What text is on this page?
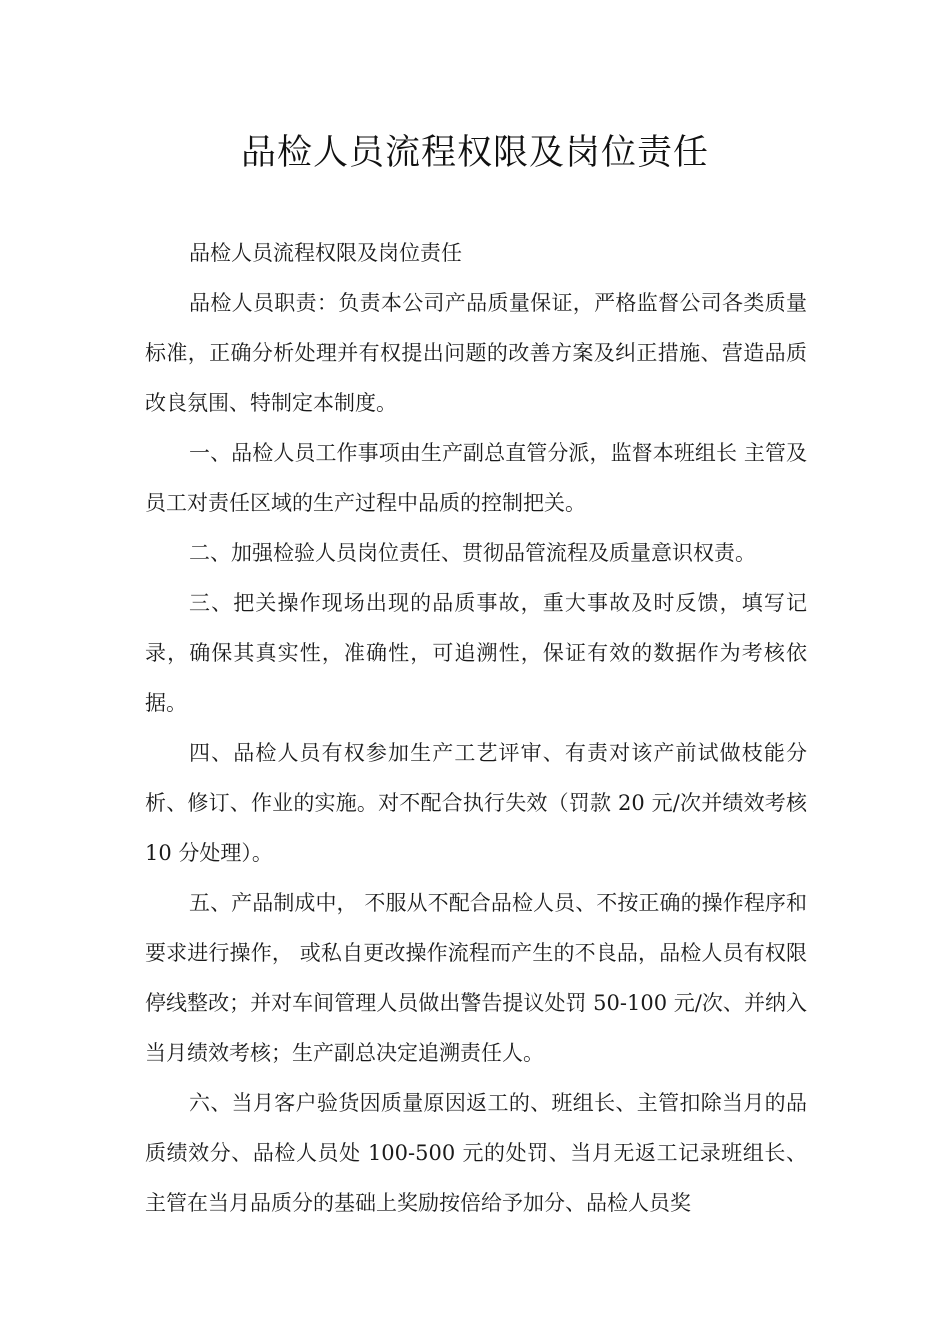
品检人员流程权限及岗位责任

品检人员流程权限及岗位责任

品检人员职责：负责本公司产品质量保证，严格监督公司各类质量标准，正确分析处理并有权提出问题的改善方案及纠正措施、营造品质改良氛围、特制定本制度。

一、品检人员工作事项由生产副总直管分派，监督本班组长 主管及员工对责任区域的生产过程中品质的控制把关。

二、加强检验人员岗位责任、贯彻品管流程及质量意识权责。

三、把关操作现场出现的品质事故，重大事故及时反馈，填写记录，确保其真实性，准确性，可追溯性，保证有效的数据作为考核依据。

四、品检人员有权参加生产工艺评审、有责对该产前试做枝能分析、修订、作业的实施。对不配合执行失效（罚款 20 元/次并绩效考核 10 分处理）。

五、产品制成中， 不服从不配合品检人员、不按正确的操作程序和要求进行操作， 或私自更改操作流程而产生的不良品，品检人员有权限停线整改；并对车间管理人员做出警告提议处罚 50-100 元/次、并纳入当月绩效考核；生产副总决定追溯责任人。

六、当月客户验货因质量原因返工的、班组长、主管扣除当月的品质绩效分、品检人员处 100-500 元的处罚、当月无返工记录班组长、主管在当月品质分的基础上奖励按倍给予加分、品检人员奖
